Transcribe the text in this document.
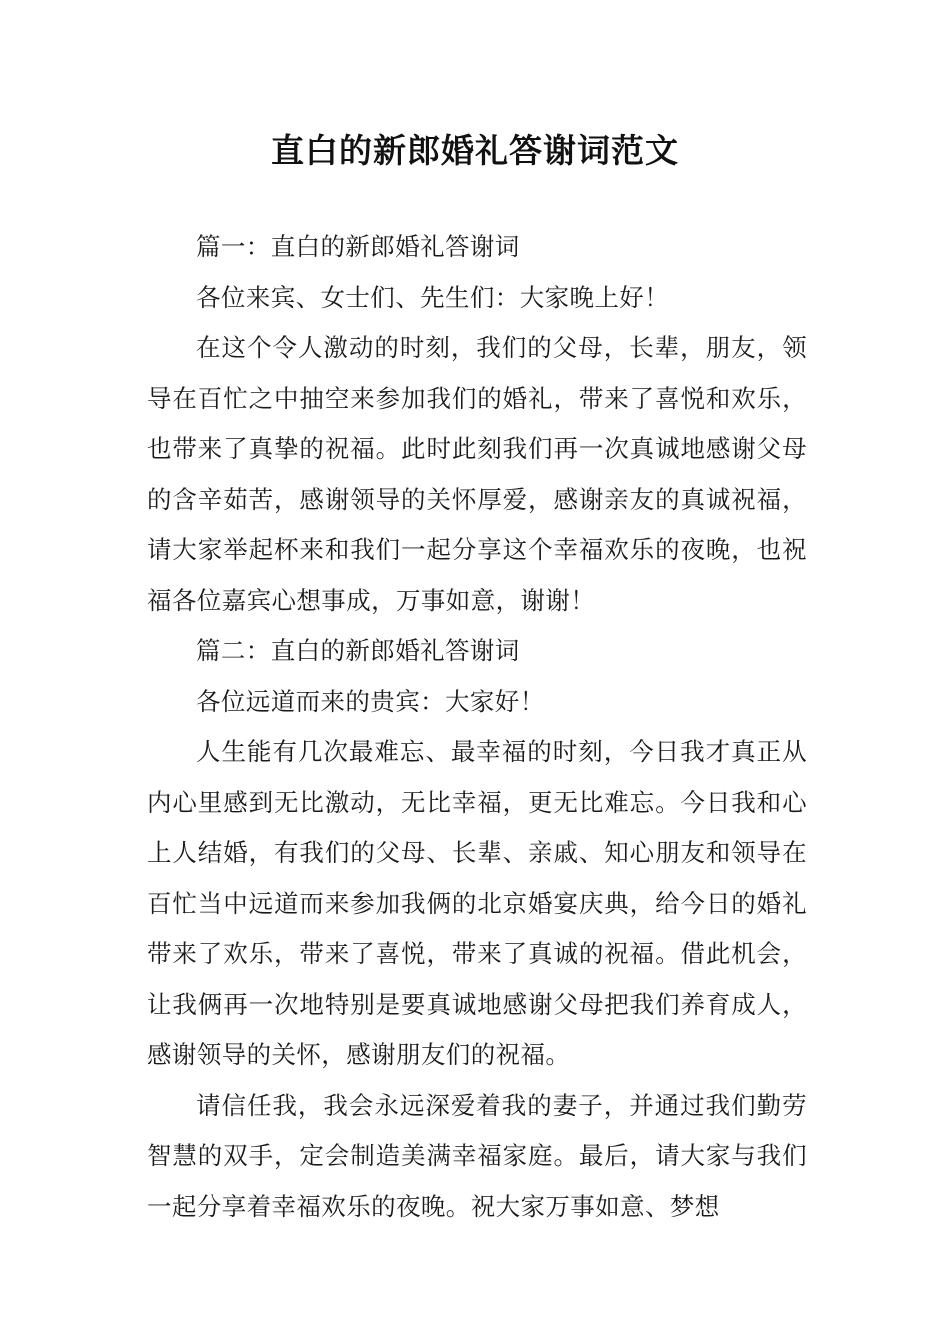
直白的新郎婚礼答谢词范文

篇一：直白的新郎婚礼答谢词

各位来宾、女士们、先生们：大家晚上好！

在这个令人激动的时刻，我们的父母，长辈，朋友，领导在百忙之中抽空来参加我们的婚礼，带来了喜悦和欢乐，也带来了真挚的祝福。此时此刻我们再一次真诚地感谢父母的含辛茹苦，感谢领导的关怀厚爱，感谢亲友的真诚祝福，请大家举起杯来和我们一起分享这个幸福欢乐的夜晚，也祝福各位嘉宾心想事成，万事如意，谢谢！

篇二：直白的新郎婚礼答谢词

各位远道而来的贵宾：大家好！

人生能有几次最难忘、最幸福的时刻，今日我才真正从内心里感到无比激动，无比幸福，更无比难忘。今日我和心上人结婚，有我们的父母、长辈、亲戚、知心朋友和领导在百忙当中远道而来参加我俩的北京婚宴庆典，给今日的婚礼带来了欢乐，带来了喜悦，带来了真诚的祝福。借此机会，让我俩再一次地特别是要真诚地感谢父母把我们养育成人，感谢领导的关怀，感谢朋友们的祝福。

请信任我，我会永远深爱着我的妻子，并通过我们勤劳智慧的双手，定会制造美满幸福家庭。最后，请大家与我们一起分享着幸福欢乐的夜晚。祝大家万事如意、梦想
